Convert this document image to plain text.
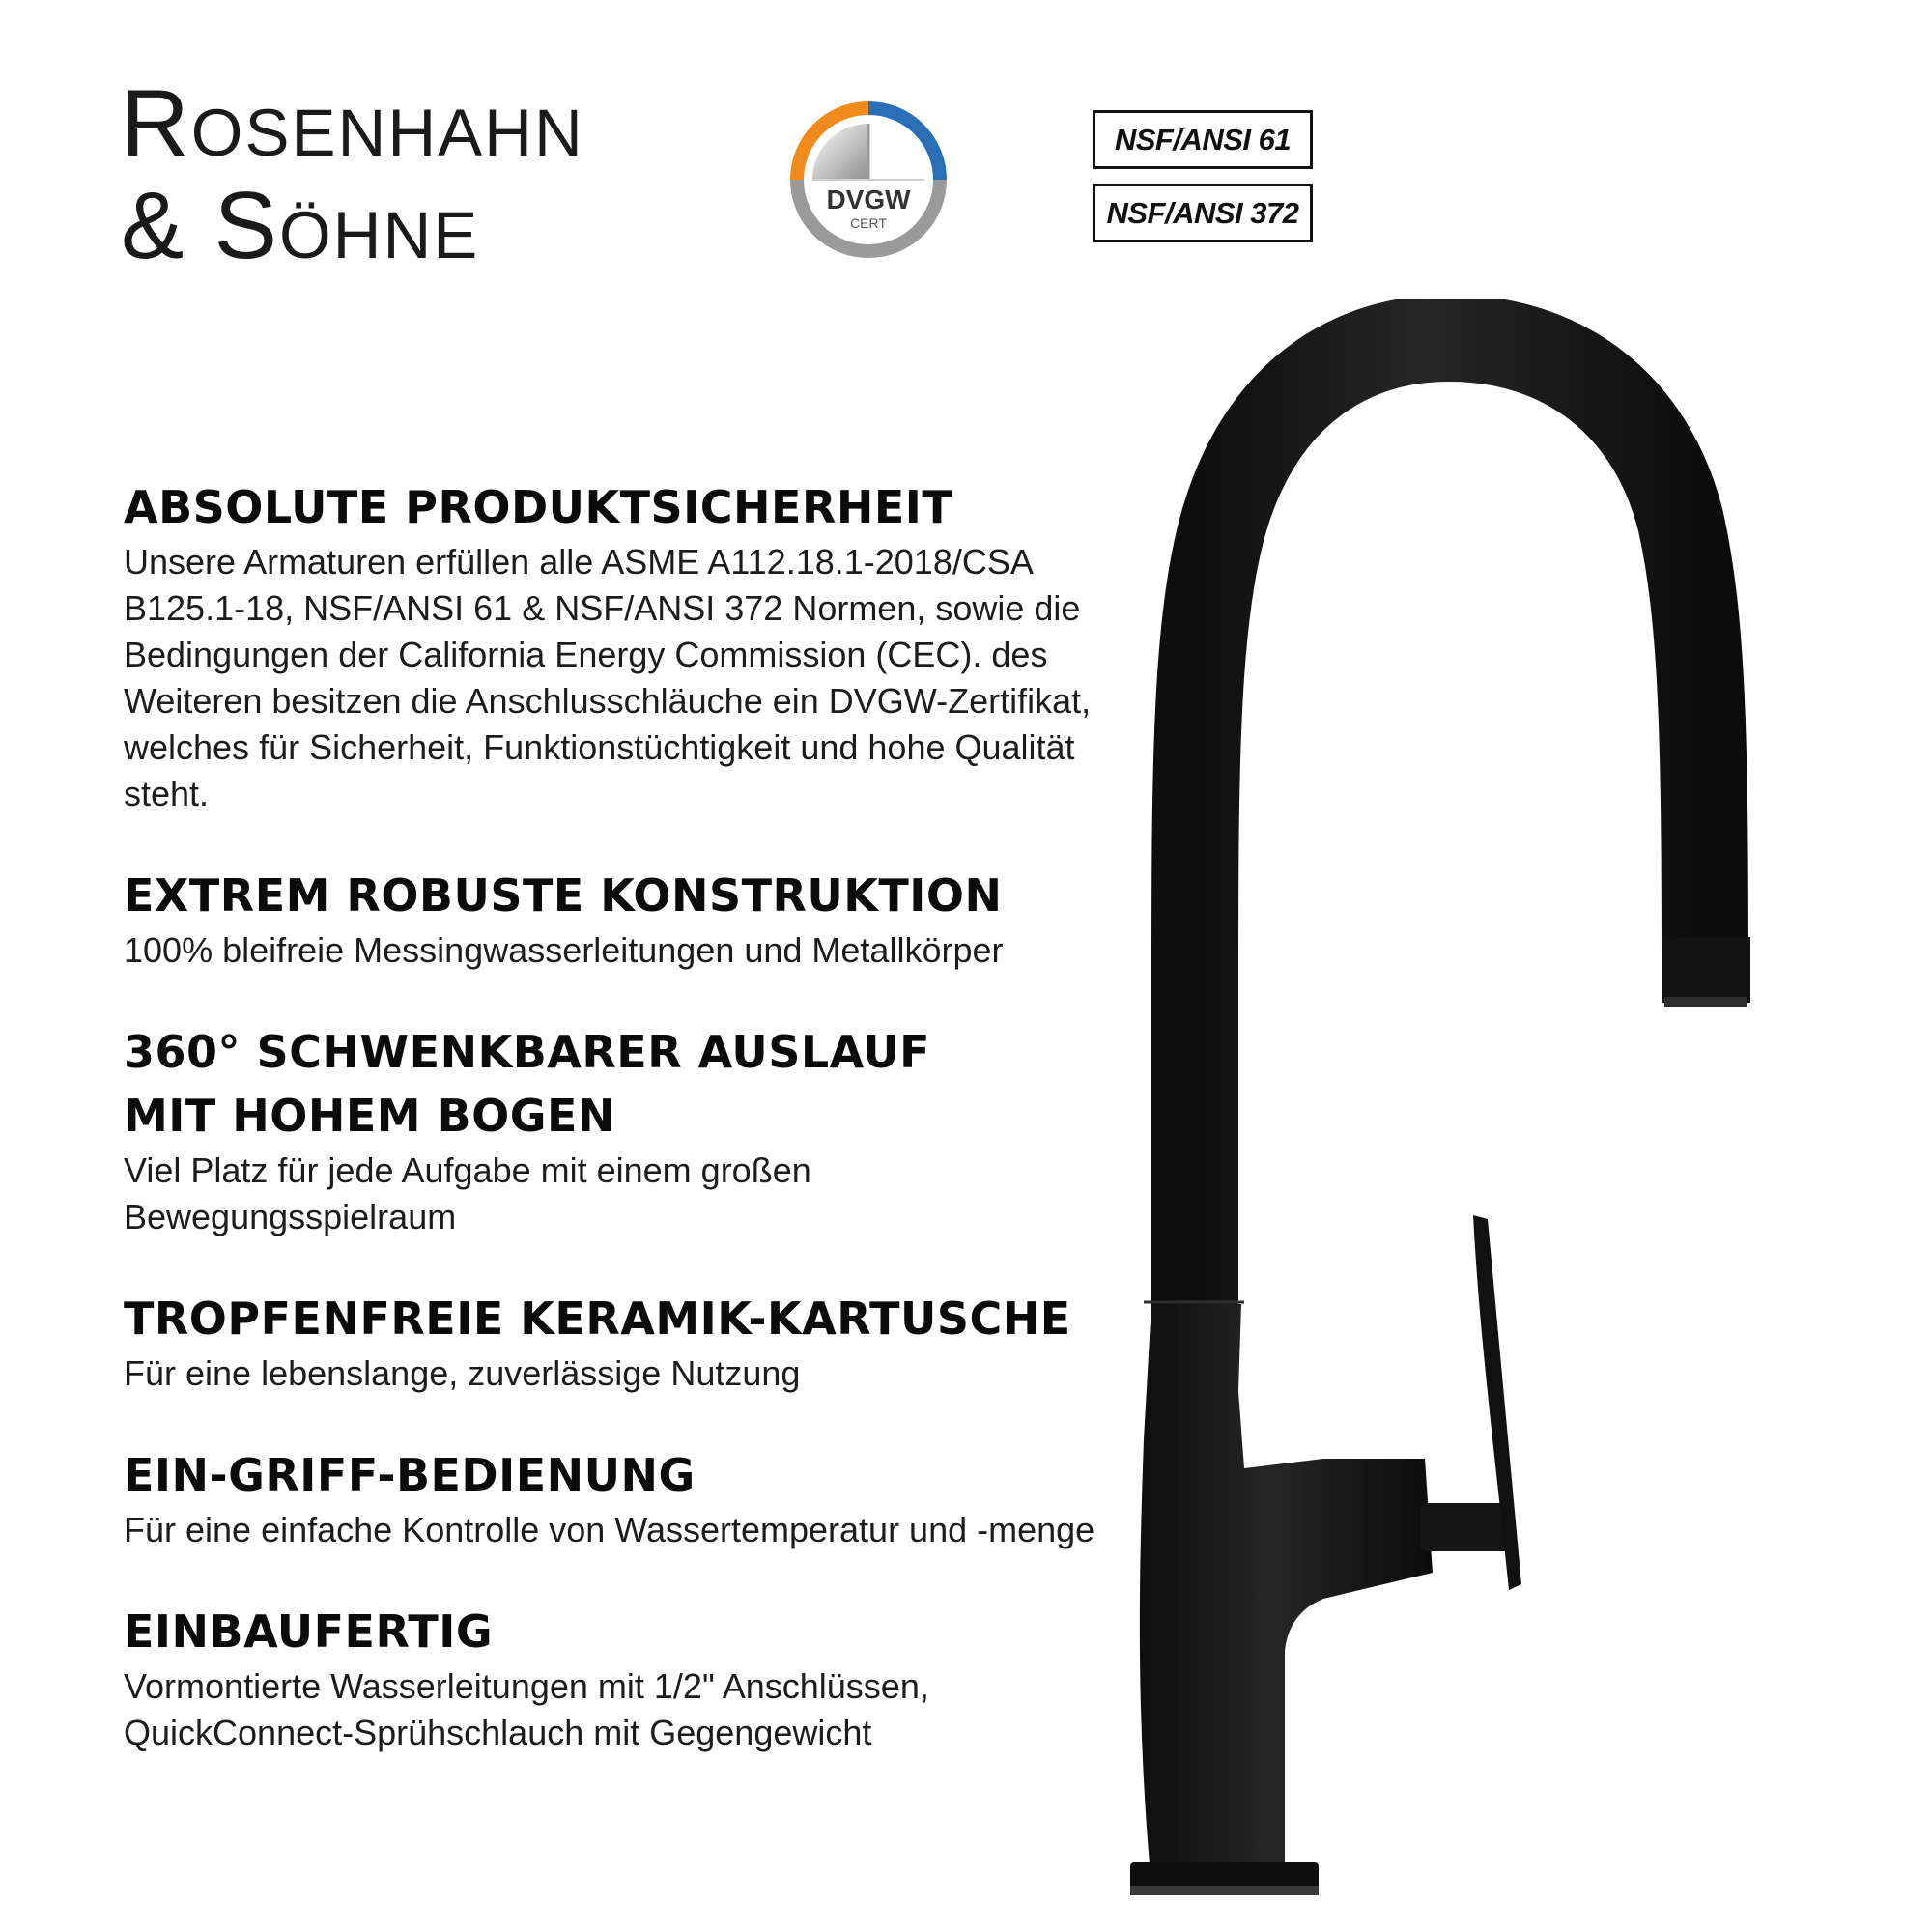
Rosenhahn
& Söhne	DVGW
CERT
NSF/ANSI 61
NSF/ANSI 372
ABSOLUTE PRODUKTSICHERHEIT
Unsere Armaturen erfüllen alle ASME A112.18.1-2018/CSA B125.1-18, NSF/ANSI 61 & NSF/ANSI 372 Normen, sowie die Bedingungen der California Energy Commission (CEC). des Weiteren besitzen die Anschlusschläuche ein DVGW-Zertifikat, welches für Sicherheit, Funktionstüchtigkeit und hohe Qualität steht.
EXTREM ROBUSTE KONSTRUKTION
100% bleifreie Messingwasserleitungen und Metallkörper
360° SCHWENKBARER AUSLAUF MIT HOHEM BOGEN
Viel Platz für jede Aufgabe mit einem großen Bewegungsspielraum
TROPFENFREIE KERAMIK-KARTUSCHE
Für eine lebenslange, zuverlässige Nutzung
EIN-GRIFF-BEDIENUNG
Für eine einfache Kontrolle von Wassertemperatur und -menge
EINBAUFERTIG
Vormontierte Wasserleitungen mit 1/2" Anschlüssen, QuickConnect-Sprühschlauch mit Gegengewicht
